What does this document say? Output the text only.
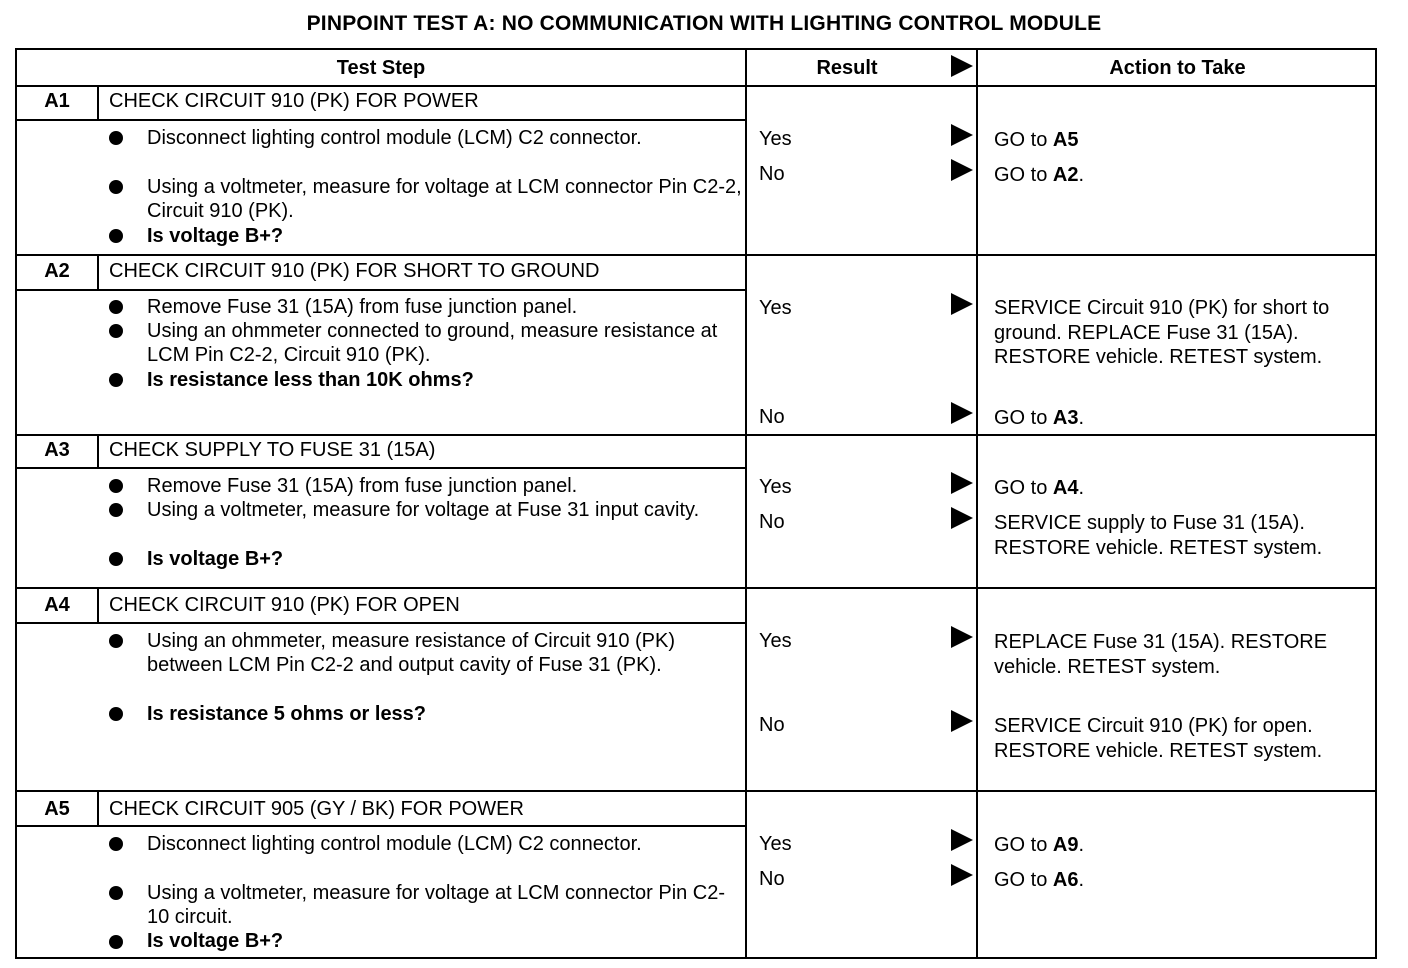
PINPOINT TEST A: NO COMMUNICATION WITH LIGHTING CONTROL MODULE
Test Step	Result	Action to Take
A1	CHECK CIRCUIT 910 (PK) FOR POWER
Disconnect lighting control module (LCM) C2 connector.
Using a voltmeter, measure for voltage at LCM connector Pin C2-2, Circuit 910 (PK).
Is voltage B+?
Yes	GO to A5
No	GO to A2.
A2	CHECK CIRCUIT 910 (PK) FOR SHORT TO GROUND
Remove Fuse 31 (15A) from fuse junction panel.
Using an ohmmeter connected to ground, measure resistance at LCM Pin C2-2, Circuit 910 (PK).
Is resistance less than 10K ohms?
Yes	SERVICE Circuit 910 (PK) for short to ground. REPLACE Fuse 31 (15A). RESTORE vehicle. RETEST system.
No	GO to A3.
A3	CHECK SUPPLY TO FUSE 31 (15A)
Remove Fuse 31 (15A) from fuse junction panel.
Using a voltmeter, measure for voltage at Fuse 31 input cavity.
Is voltage B+?
Yes	GO to A4.
No	SERVICE supply to Fuse 31 (15A). RESTORE vehicle. RETEST system.
A4	CHECK CIRCUIT 910 (PK) FOR OPEN
Using an ohmmeter, measure resistance of Circuit 910 (PK) between LCM Pin C2-2 and output cavity of Fuse 31 (PK).
Is resistance 5 ohms or less?
Yes	REPLACE Fuse 31 (15A). RESTORE vehicle. RETEST system.
No	SERVICE Circuit 910 (PK) for open. RESTORE vehicle. RETEST system.
A5	CHECK CIRCUIT 905 (GY / BK) FOR POWER
Disconnect lighting control module (LCM) C2 connector.
Using a voltmeter, measure for voltage at LCM connector Pin C2-10 circuit.
Is voltage B+?
Yes	GO to A9.
No	GO to A6.
